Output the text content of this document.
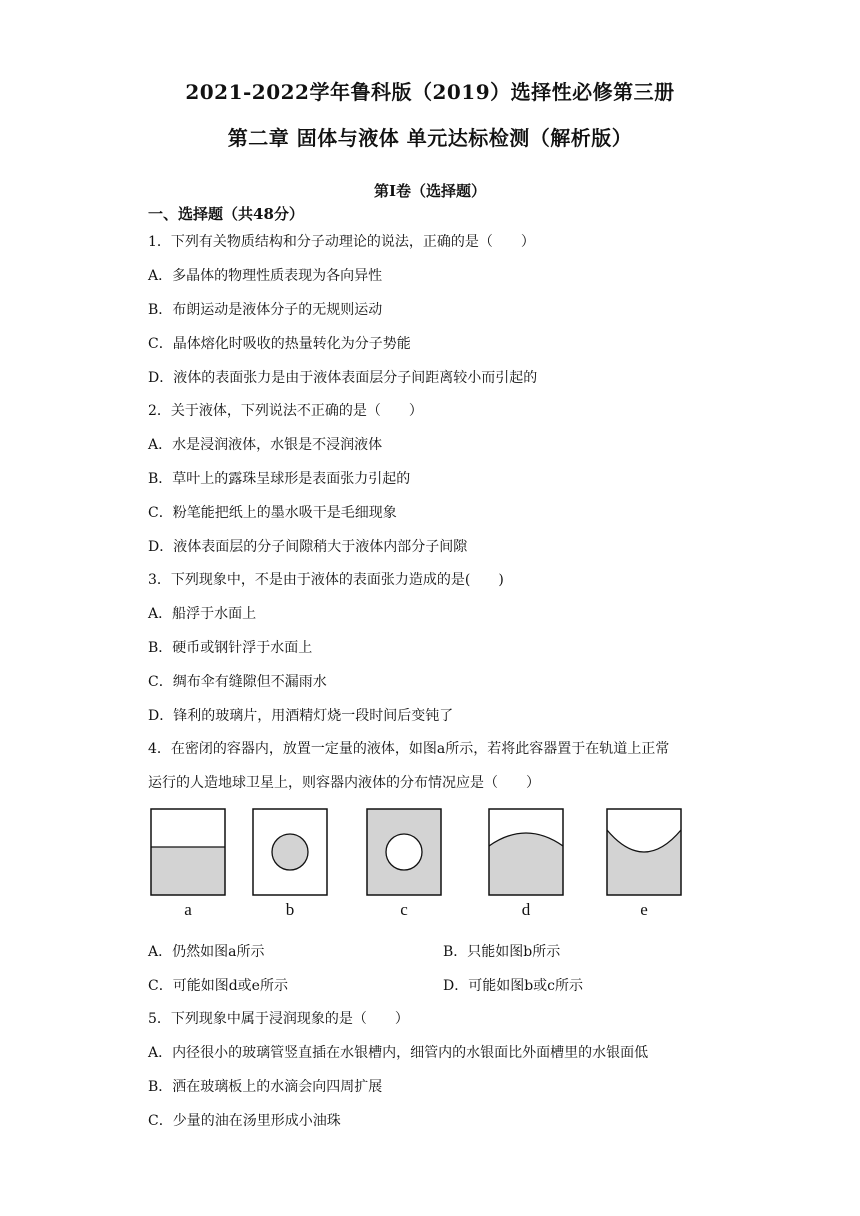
2021-2022学年鲁科版（2019）选择性必修第三册
第二章 固体与液体 单元达标检测（解析版）
第Ⅰ卷（选择题）
一、选择题（共48分）
1．下列有关物质结构和分子动理论的说法，正确的是（　　）
A．多晶体的物理性质表现为各向异性
B．布朗运动是液体分子的无规则运动
C．晶体熔化时吸收的热量转化为分子势能
D．液体的表面张力是由于液体表面层分子间距离较小而引起的
2．关于液体，下列说法不正确的是（　　）
A．水是浸润液体，水银是不浸润液体
B．草叶上的露珠呈球形是表面张力引起的
C．粉笔能把纸上的墨水吸干是毛细现象
D．液体表面层的分子间隙稍大于液体内部分子间隙
3．下列现象中，不是由于液体的表面张力造成的是(　　)
A．船浮于水面上
B．硬币或钢针浮于水面上
C．绸布伞有缝隙但不漏雨水
D．锋利的玻璃片，用酒精灯烧一段时间后变钝了
4．在密闭的容器内，放置一定量的液体，如图a所示，若将此容器置于在轨道上正常
运行的人造地球卫星上，则容器内液体的分布情况应是（　　）
a	b	c	d	e
A．仍然如图a所示	B．只能如图b所示
C．可能如图d或e所示	D．可能如图b或c所示
5．下列现象中属于浸润现象的是（　　）
A．内径很小的玻璃管竖直插在水银槽内，细管内的水银面比外面槽里的水银面低
B．洒在玻璃板上的水滴会向四周扩展
C．少量的油在汤里形成小油珠
